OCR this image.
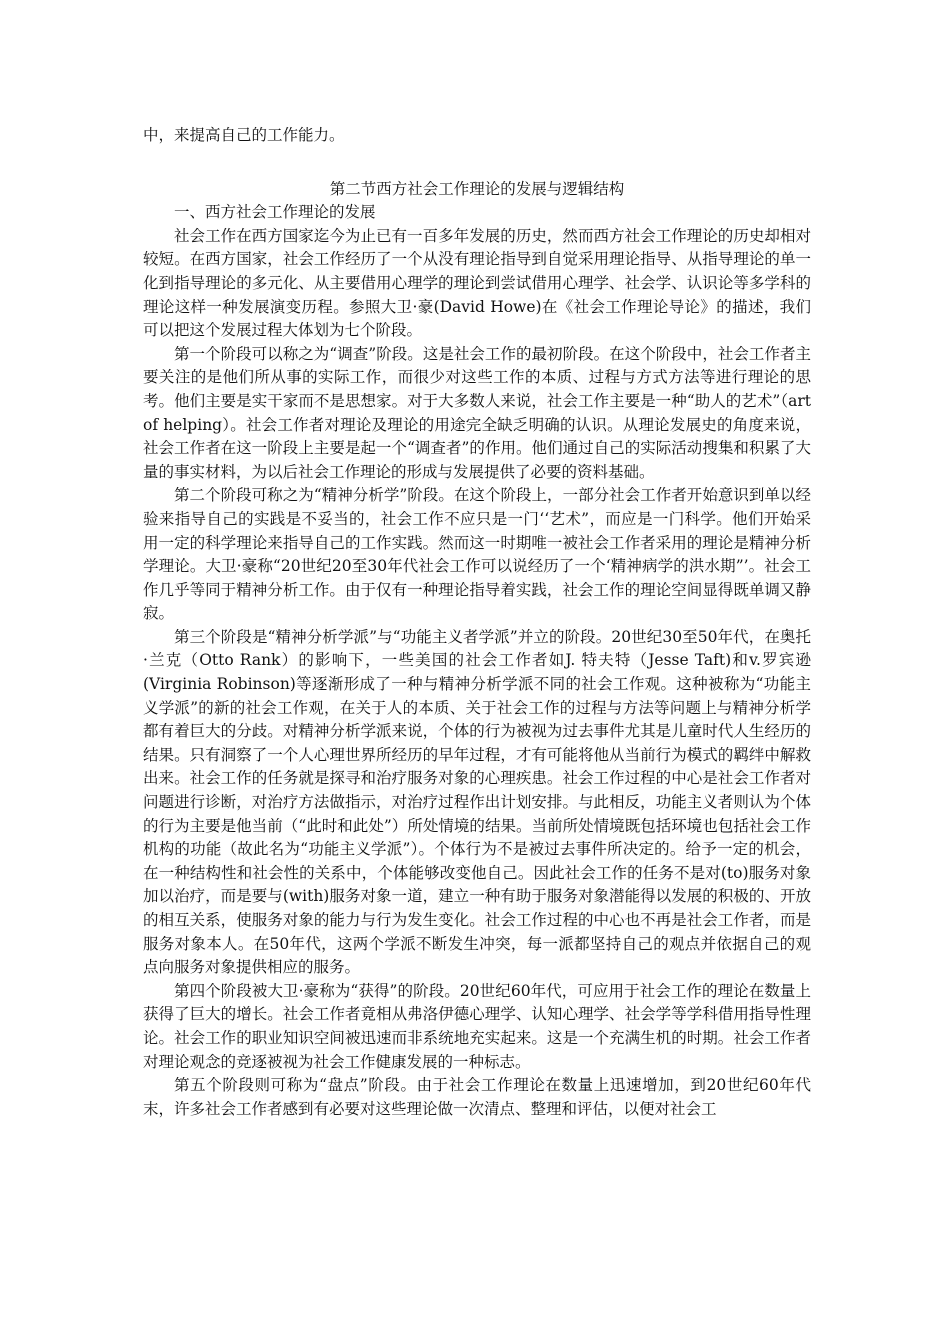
中，来提高自己的工作能力。

第二节西方社会工作理论的发展与逻辑结构

一、西方社会工作理论的发展

社会工作在西方国家迄今为止已有一百多年发展的历史，然而西方社会工作理论的历史却相对较短。在西方国家，社会工作经历了一个从没有理论指导到自觉采用理论指导、从指导理论的单一化到指导理论的多元化、从主要借用心理学的理论到尝试借用心理学、社会学、认识论等多学科的理论这样一种发展演变历程。参照大卫·豪(David Howe)在《社会工作理论导论》的描述，我们可以把这个发展过程大体划为七个阶段。

第一个阶段可以称之为“调查”阶段。这是社会工作的最初阶段。在这个阶段中，社会工作者主要关注的是他们所从事的实际工作，而很少对这些工作的本质、过程与方式方法等进行理论的思考。他们主要是实干家而不是思想家。对于大多数人来说，社会工作主要是一种“助人的艺术”（art of helping）。社会工作者对理论及理论的用途完全缺乏明确的认识。从理论发展史的角度来说，社会工作者在这一阶段上主要是起一个“调查者”的作用。他们通过自己的实际活动搜集和积累了大量的事实材料，为以后社会工作理论的形成与发展提供了必要的资料基础。

第二个阶段可称之为“精神分析学”阶段。在这个阶段上，一部分社会工作者开始意识到单以经验来指导自己的实践是不妥当的，社会工作不应只是一门‘‘艺术”，而应是一门科学。他们开始采用一定的科学理论来指导自己的工作实践。然而这一时期唯一被社会工作者采用的理论是精神分析学理论。大卫·豪称“20世纪20至30年代社会工作可以说经历了一个‘精神病学的洪水期”’。社会工作几乎等同于精神分析工作。由于仅有一种理论指导着实践，社会工作的理论空间显得既单调又静寂。

第三个阶段是“精神分析学派”与“功能主义者学派”并立的阶段。20世纪30至50年代，在奥托·兰克（Otto Rank）的影响下，一些美国的社会工作者如J. 特夫特（Jesse Taft)和v.罗宾逊(Virginia Robinson)等逐渐形成了一种与精神分析学派不同的社会工作观。这种被称为“功能主义学派”的新的社会工作观，在关于人的本质、关于社会工作的过程与方法等问题上与精神分析学都有着巨大的分歧。对精神分析学派来说，个体的行为被视为过去事件尤其是儿童时代人生经历的结果。只有洞察了一个人心理世界所经历的早年过程，才有可能将他从当前行为模式的羁绊中解救出来。社会工作的任务就是探寻和治疗服务对象的心理疾患。社会工作过程的中心是社会工作者对问题进行诊断，对治疗方法做指示，对治疗过程作出计划安排。与此相反，功能主义者则认为个体的行为主要是他当前（“此时和此处”）所处情境的结果。当前所处情境既包括环境也包括社会工作机构的功能（故此名为“功能主义学派”）。个体行为不是被过去事件所决定的。给予一定的机会，在一种结构性和社会性的关系中，个体能够改变他自己。因此社会工作的任务不是对(to)服务对象加以治疗，而是要与(with)服务对象一道，建立一种有助于服务对象潜能得以发展的积极的、开放的相互关系，使服务对象的能力与行为发生变化。社会工作过程的中心也不再是社会工作者，而是服务对象本人。在50年代，这两个学派不断发生冲突，每一派都坚持自己的观点并依据自己的观点向服务对象提供相应的服务。

第四个阶段被大卫·豪称为“获得”的阶段。20世纪60年代，可应用于社会工作的理论在数量上获得了巨大的增长。社会工作者竟相从弗洛伊德心理学、认知心理学、社会学等学科借用指导性理论。社会工作的职业知识空间被迅速而非系统地充实起来。这是一个充满生机的时期。社会工作者对理论观念的竞逐被视为社会工作健康发展的一种标志。

第五个阶段则可称为“盘点”阶段。由于社会工作理论在数量上迅速增加，到20世纪60年代末，许多社会工作者感到有必要对这些理论做一次清点、整理和评估，以便对社会工
